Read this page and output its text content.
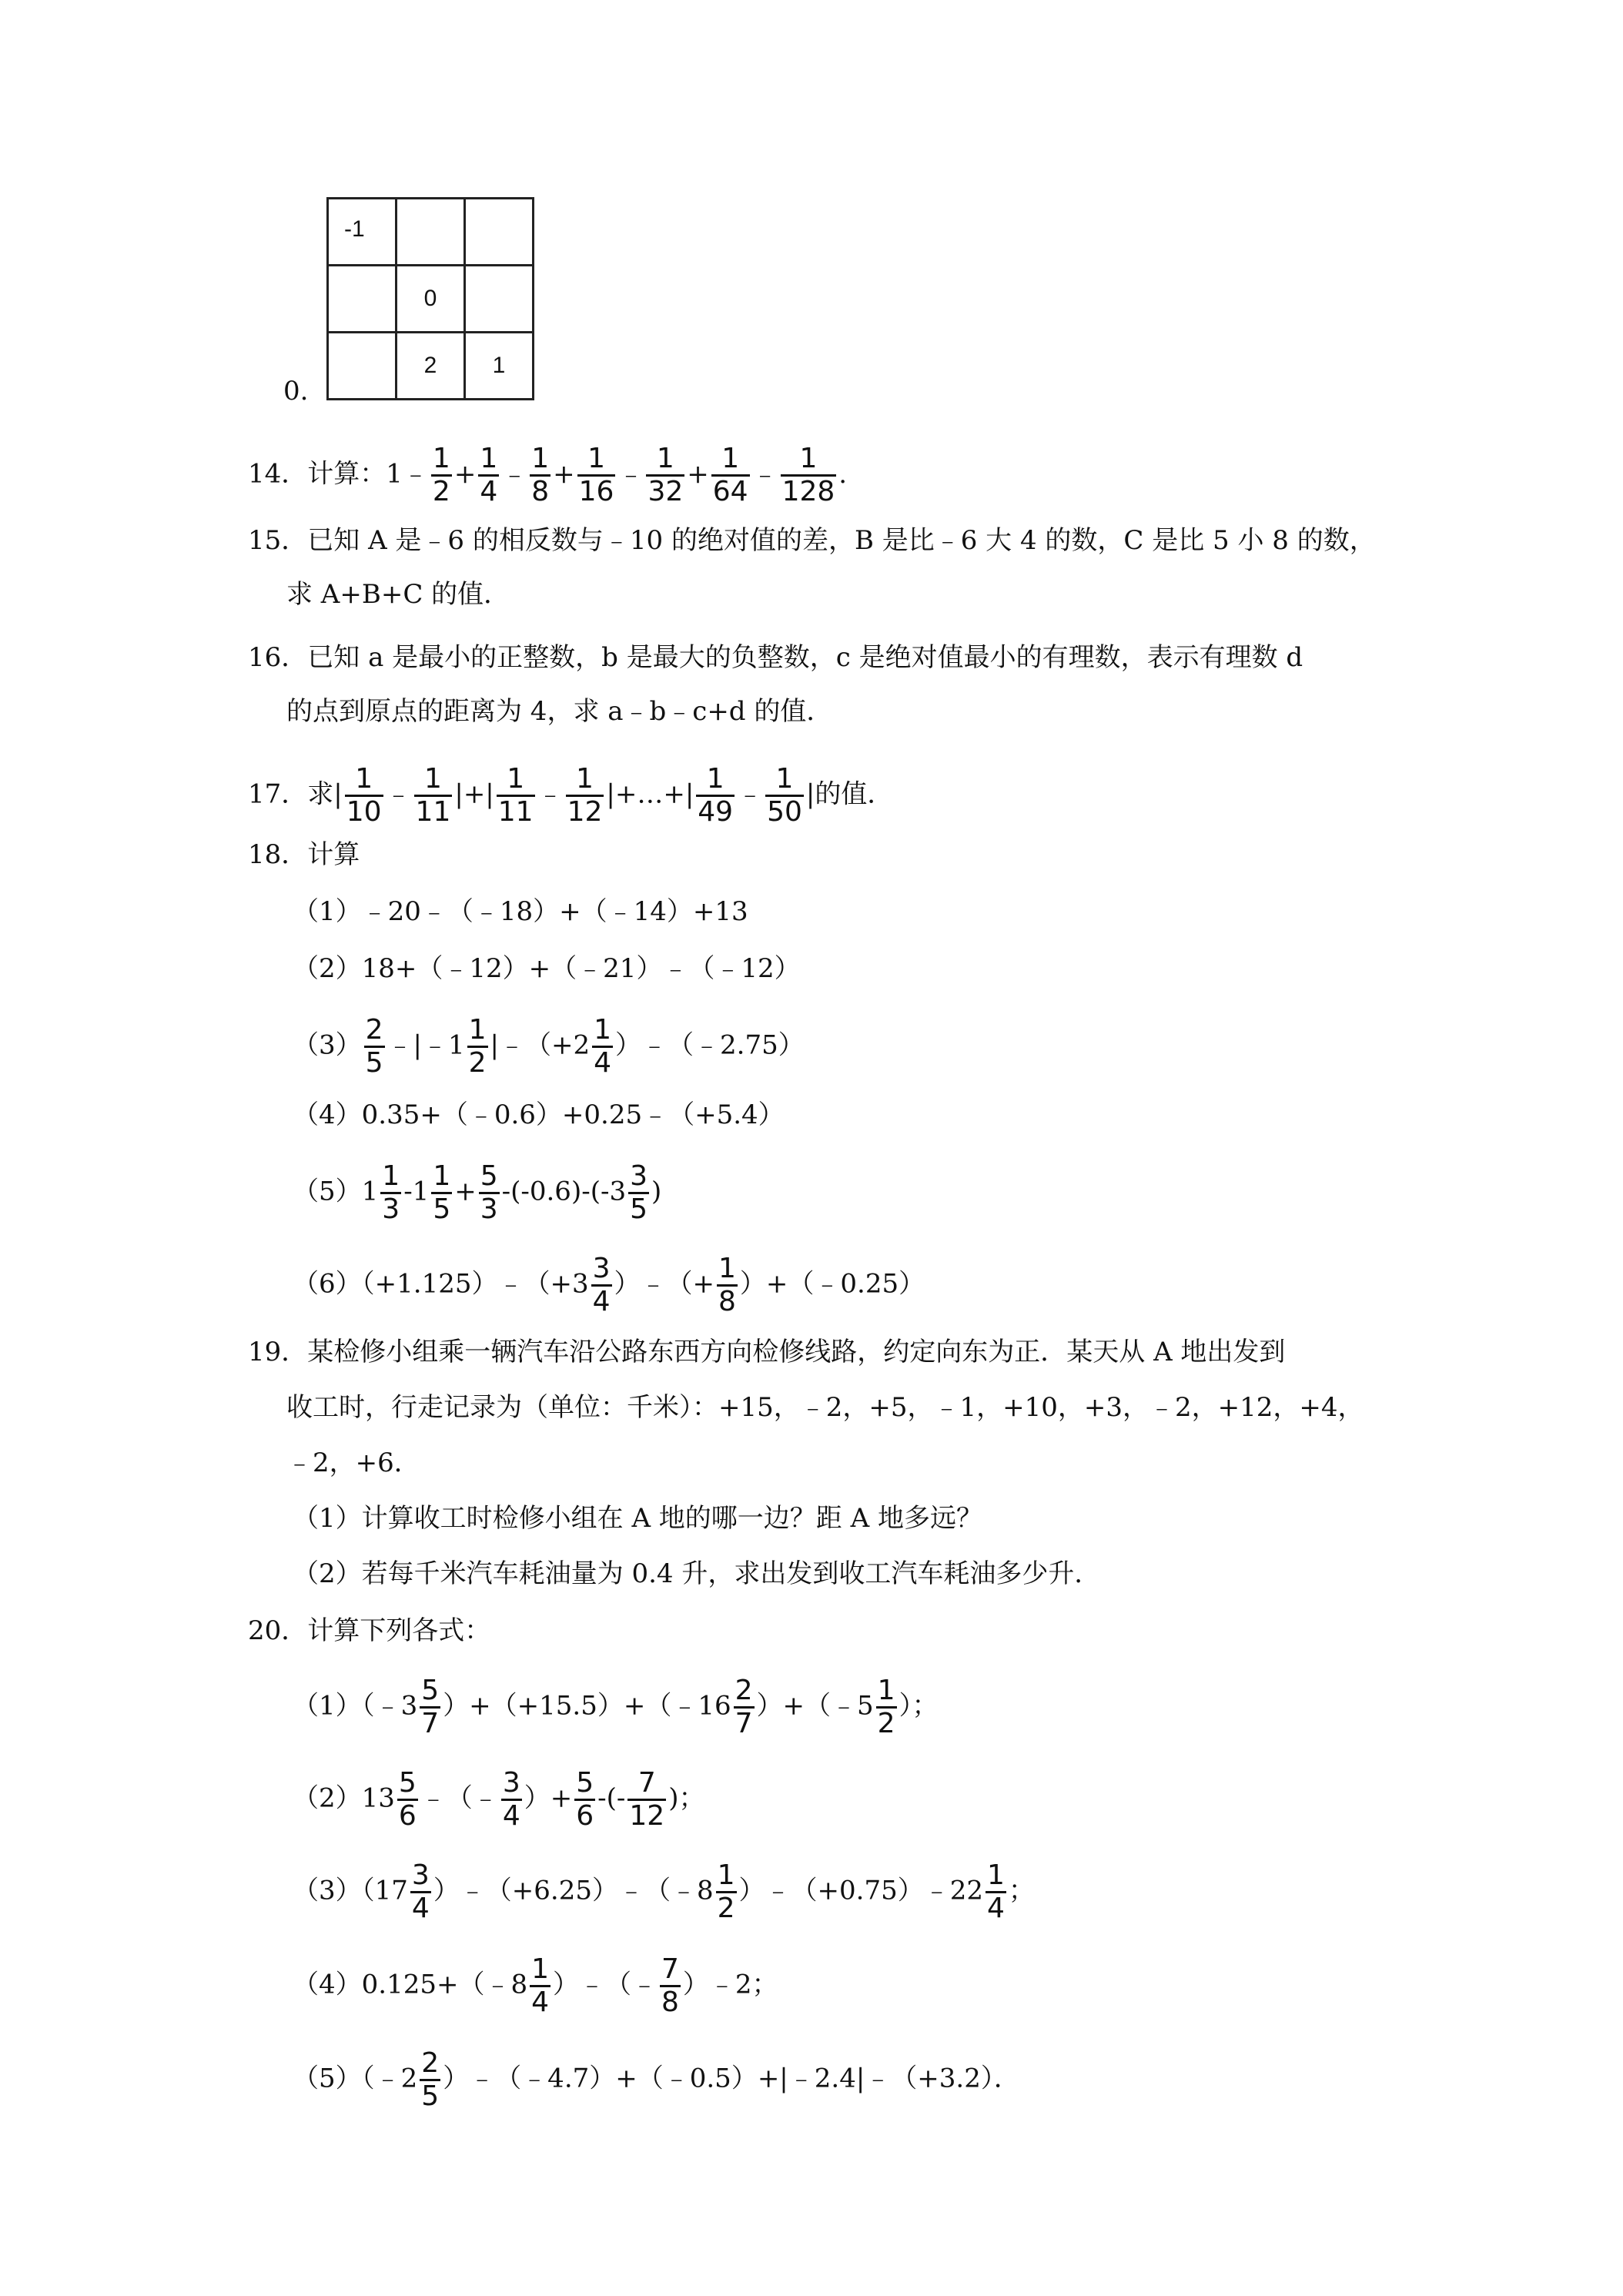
0.
-1		
	0	
	2	1
14．计算：1﹣ $\frac{1}{2} + \frac{1}{4}$ ﹣ $\frac{1}{8} + \frac{1}{16}$ ﹣ $\frac{1}{32} + \frac{1}{64}$ ﹣ $\frac{1}{128}$ .
15．已知 A 是﹣6 的相反数与﹣10 的绝对值的差，B 是比﹣6 大 4 的数，C 是比 5 小 8 的数，
求 A+B+C 的值．
16．已知 a 是最小的正整数，b 是最大的负整数，c 是绝对值最小的有理数，表示有理数 d
的点到原点的距离为 4，求 a﹣b﹣c+d 的值．
17．求| $\frac{1}{10}$ ﹣ $\frac{1}{11}$ |+| $\frac{1}{11}$ ﹣ $\frac{1}{12}$ |+…+| $\frac{1}{49}$ ﹣ $\frac{1}{50}$ |的值．
18．计算
（1）﹣20﹣（﹣18）+（﹣14）+13
（2）18+（﹣12）+（﹣21）﹣（﹣12）
$(3) \frac{2}{5}$ ﹣|﹣1 $\frac{1}{2}$ |﹣（+2 $\frac{1}{4}$ ）﹣（﹣2.75）
（4）0.35+（﹣0.6）+0.25﹣（+5.4）
$(5)1 \frac{1}{3} -1 \frac{1}{5} + \frac{5}{3} -(-0.6)-(-3 \frac{3}{5}$ )
（6）（+1.125）﹣（+3 $\frac{3}{4}$ ）﹣（+ $\frac{1}{8}$ ）+（﹣0.25）
19．某检修小组乘一辆汽车沿公路东西方向检修线路，约定向东为正．某天从 A 地出发到
收工时，行走记录为（单位：千米）：+15，﹣2，+5，﹣1，+10，+3，﹣2，+12，+4，
﹣2，+6．
（1）计算收工时检修小组在 A 地的哪一边？距 A 地多远？
（2）若每千米汽车耗油量为 0.4 升，求出发到收工汽车耗油多少升．
20．计算下列各式：
（1）（﹣3 $\frac{5}{7}$ ）+（+15.5）+（﹣16 $\frac{2}{7}$ ）+（﹣5 $\frac{1}{2}$ ）；
$(2)13 \frac{5}{6}$ ﹣（﹣ $\frac{3}{4}$ ）+ $\frac{5}{6}$ -(- $\frac{7}{12}$ )；
$(3)(17 \frac{3}{4}$ ）﹣（+6.25）﹣（﹣8 $\frac{1}{2}$ ）﹣（+0.75）﹣22 $\frac{1}{4}$ ；
（4）0.125+（﹣8 $\frac{1}{4}$ ）﹣（﹣ $\frac{7}{8}$ ）﹣2；
（5）（﹣2 $\frac{2}{5}$ ）﹣（﹣4.7）+（﹣0.5）+|﹣2.4|﹣（+3.2）．
